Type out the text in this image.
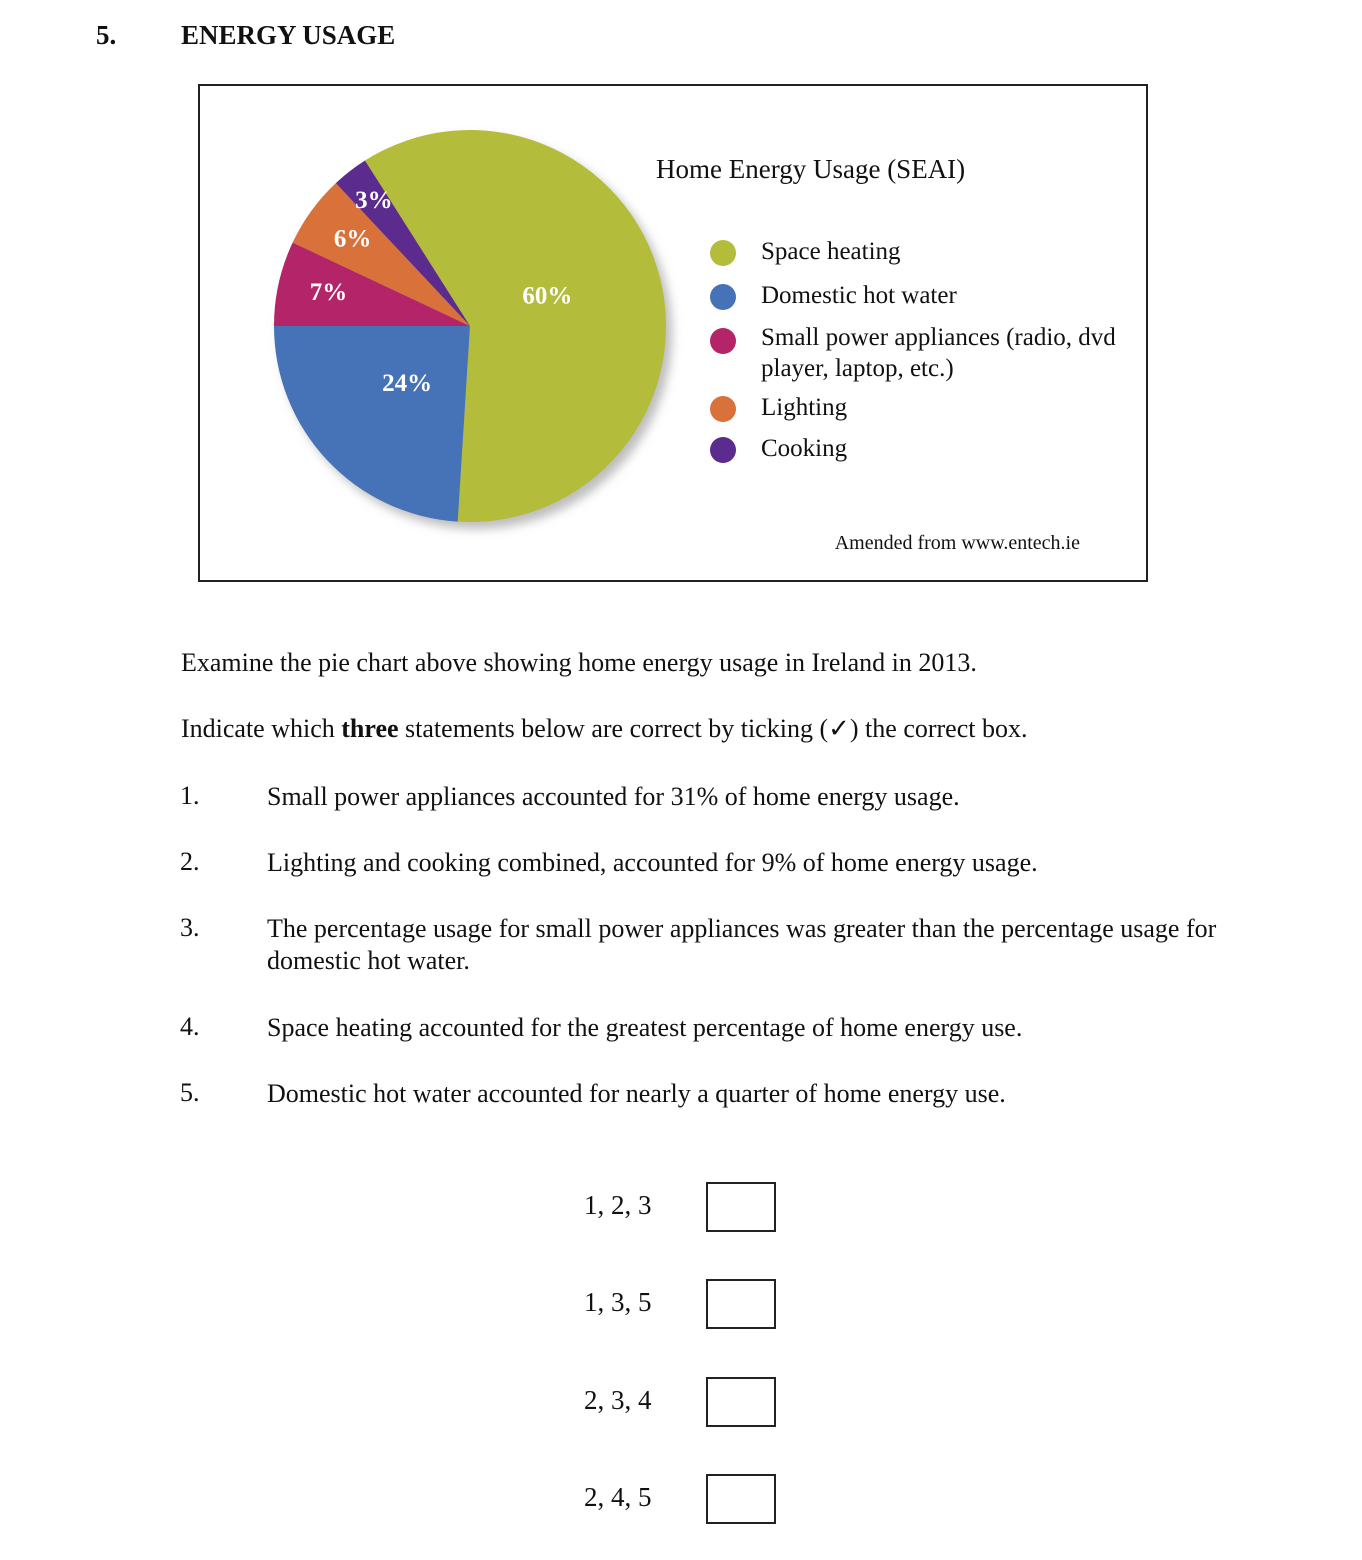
5. ENERGY USAGE
60%
24%
7%
6%
3%
Home Energy Usage (SEAI)
Space heating
Domestic hot water
Small power appliances (radio, dvd player, laptop, etc.)
Lighting
Cooking
Amended from www.entech.ie
Examine the pie chart above showing home energy usage in Ireland in 2013.
Indicate which three statements below are correct by ticking (✓) the correct box.
1.	Small power appliances accounted for 31% of home energy usage.
2.	Lighting and cooking combined, accounted for 9% of home energy usage.
3.	The percentage usage for small power appliances was greater than the percentage usage for domestic hot water.
4.	Space heating accounted for the greatest percentage of home energy use.
5.	Domestic hot water accounted for nearly a quarter of home energy use.
1, 2, 3
1, 3, 5
2, 3, 4
2, 4, 5
